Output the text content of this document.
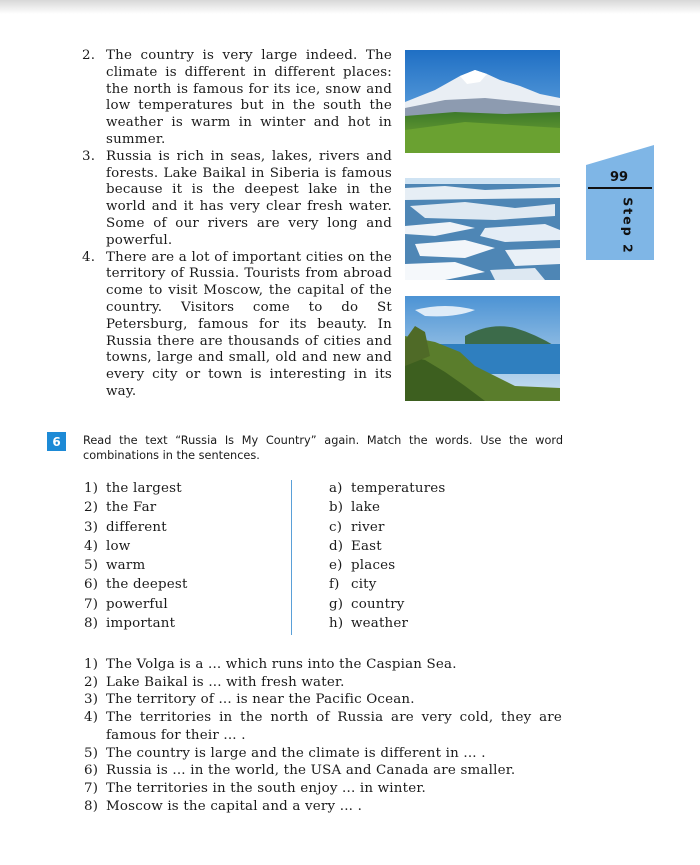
2. The country is very large indeed. The climate is different in different places: the north is famous for its ice, snow and low temperatures but in the south the weather is warm in winter and hot in summer.
3. Russia is rich in seas, lakes, rivers and forests. Lake Baikal in Siberia is famous because it is the deepest lake in the world and it has very clear fresh water. Some of our rivers are very long and powerful.
4. There are a lot of important cities on the territory of Russia. Tourists from abroad come to visit Moscow, the capital of the country. Visitors come to do St Petersburg, famous for its beauty. In Russia there are thousands of cities and towns, large and small, old and new and every city or town is interesting in its way.
99
Step 2
6	Read the text “Russia Is My Country” again. Match the words. Use the word combinations in the sentences.
1) the largest
2) the Far
3) different
4) low
5) warm
6) the deepest
7) powerful
8) important
a) temperatures
b) lake
c) river
d) East
e) places
f) city
g) country
h) weather
1) The Volga is a ... which runs into the Caspian Sea.
2) Lake Baikal is ... with fresh water.
3) The territory of ... is near the Pacific Ocean.
4) The territories in the north of Russia are very cold, they are famous for their ... .
5) The country is large and the climate is different in ... .
6) Russia is ... in the world, the USA and Canada are smaller.
7) The territories in the south enjoy ... in winter.
8) Moscow is the capital and a very ... .
